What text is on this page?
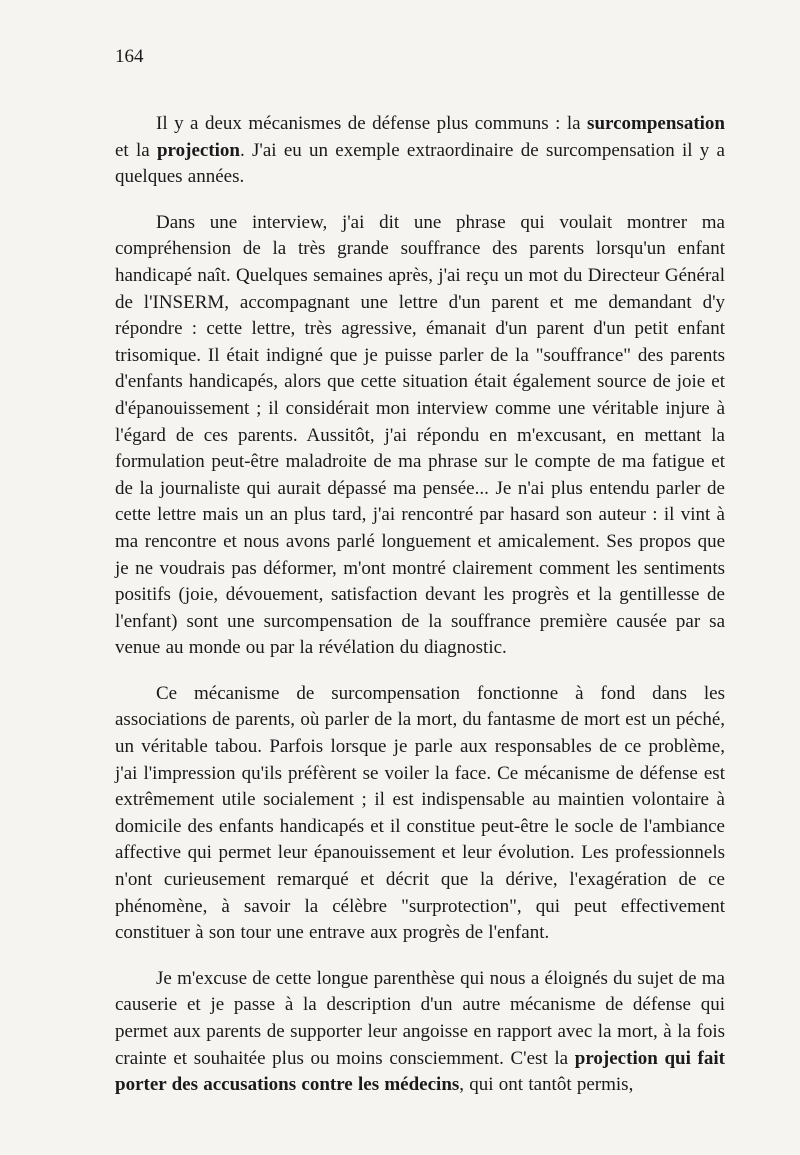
164

Il y a deux mécanismes de défense plus communs : la surcompensation et la projection. J'ai eu un exemple extraordinaire de surcompensation il y a quelques années.

Dans une interview, j'ai dit une phrase qui voulait montrer ma compréhension de la très grande souffrance des parents lorsqu'un enfant handicapé naît. Quelques semaines après, j'ai reçu un mot du Directeur Général de l'INSERM, accompagnant une lettre d'un parent et me demandant d'y répondre : cette lettre, très agressive, émanait d'un parent d'un petit enfant trisomique. Il était indigné que je puisse parler de la "souffrance" des parents d'enfants handicapés, alors que cette situation était également source de joie et d'épanouissement ; il considérait mon interview comme une véritable injure à l'égard de ces parents. Aussitôt, j'ai répondu en m'excusant, en mettant la formulation peut-être maladroite de ma phrase sur le compte de ma fatigue et de la journaliste qui aurait dépassé ma pensée... Je n'ai plus entendu parler de cette lettre mais un an plus tard, j'ai rencontré par hasard son auteur : il vint à ma rencontre et nous avons parlé longuement et amicalement. Ses propos que je ne voudrais pas déformer, m'ont montré clairement comment les sentiments positifs (joie, dévouement, satisfaction devant les progrès et la gentillesse de l'enfant) sont une surcompensation de la souffrance première causée par sa venue au monde ou par la révélation du diagnostic.

Ce mécanisme de surcompensation fonctionne à fond dans les associations de parents, où parler de la mort, du fantasme de mort est un péché, un véritable tabou. Parfois lorsque je parle aux responsables de ce problème, j'ai l'impression qu'ils préfèrent se voiler la face. Ce mécanisme de défense est extrêmement utile socialement ; il est indispensable au maintien volontaire à domicile des enfants handicapés et il constitue peut-être le socle de l'ambiance affective qui permet leur épanouissement et leur évolution. Les professionnels n'ont curieusement remarqué et décrit que la dérive, l'exagération de ce phénomène, à savoir la célèbre "surprotection", qui peut effectivement constituer à son tour une entrave aux progrès de l'enfant.

Je m'excuse de cette longue parenthèse qui nous a éloignés du sujet de ma causerie et je passe à la description d'un autre mécanisme de défense qui permet aux parents de supporter leur angoisse en rapport avec la mort, à la fois crainte et souhaitée plus ou moins consciemment. C'est la projection qui fait porter des accusations contre les médecins, qui ont tantôt permis,
